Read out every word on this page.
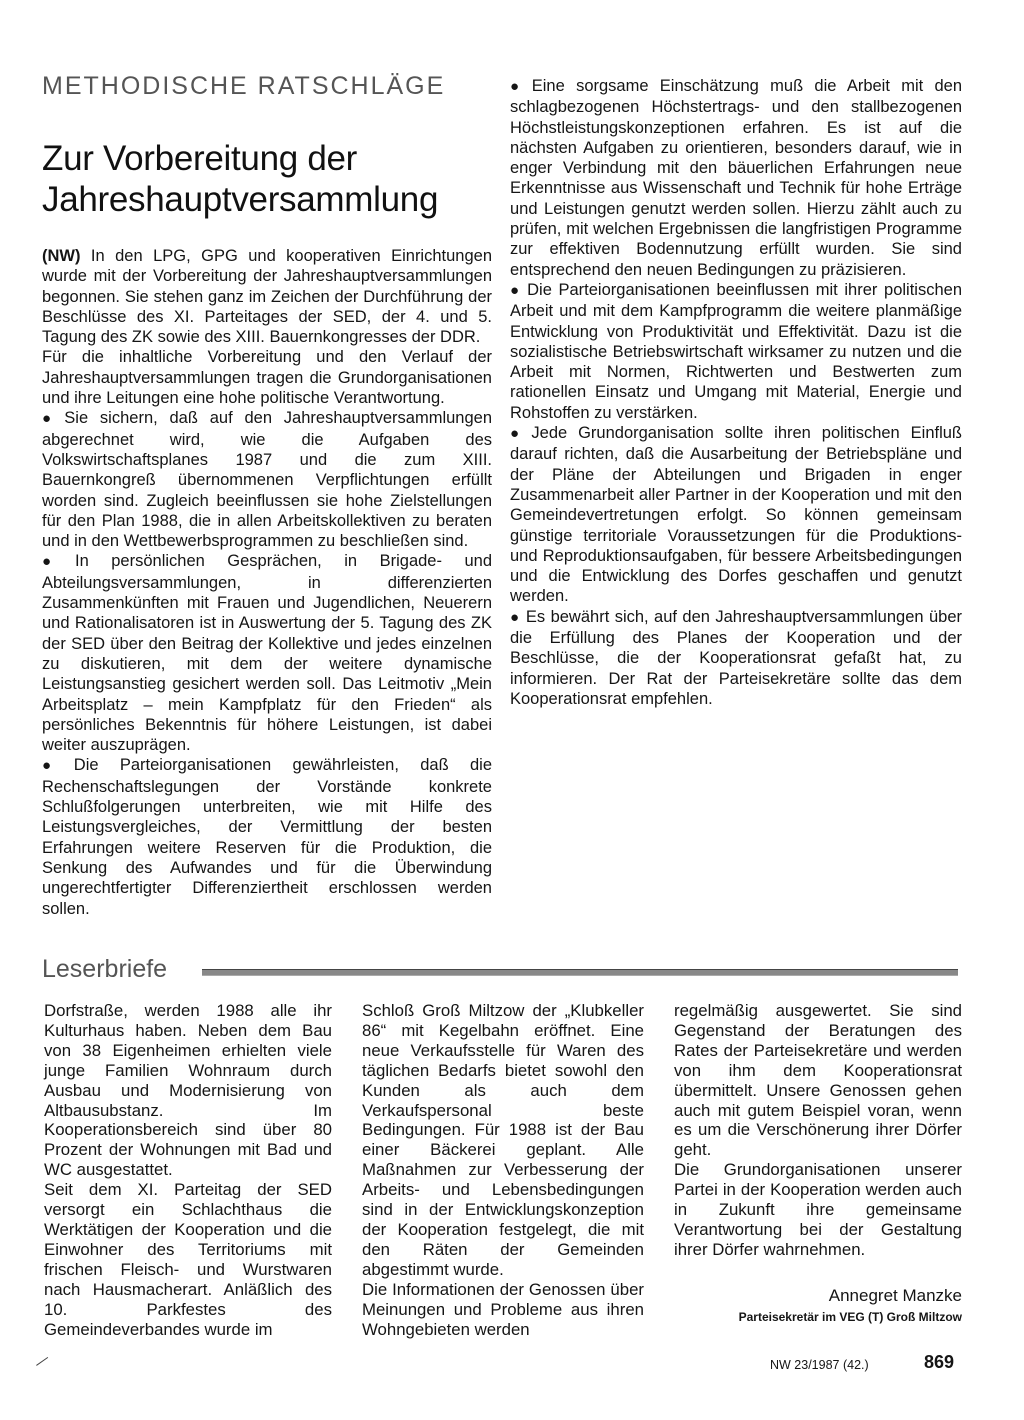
METHODISCHE RATSCHLÄGE
Zur Vorbereitung der
Jahreshauptversammlung

(NW) In den LPG, GPG und kooperativen Einrichtungen wurde mit der Vorbereitung der Jahreshauptversammlungen begonnen. Sie stehen ganz im Zeichen der Durchführung der Beschlüsse des XI. Parteitages der SED, der 4. und 5. Tagung des ZK sowie des XIII. Bauernkongresses der DDR.

Für die inhaltliche Vorbereitung und den Verlauf der Jahreshauptversammlungen tragen die Grundorganisationen und ihre Leitungen eine hohe politische Verantwortung.

● Sie sichern, daß auf den Jahreshauptversammlungen abgerechnet wird, wie die Aufgaben des Volkswirtschaftsplanes 1987 und die zum XIII. Bauernkongreß übernommenen Verpflichtungen erfüllt worden sind. Zugleich beeinflussen sie hohe Zielstellungen für den Plan 1988, die in allen Arbeitskollektiven zu beraten und in den Wettbewerbsprogrammen zu beschließen sind.

● In persönlichen Gesprächen, in Brigade- und Abteilungsversammlungen, in differenzierten Zusammenkünften mit Frauen und Jugendlichen, Neuerern und Rationalisatoren ist in Auswertung der 5. Tagung des ZK der SED über den Beitrag der Kollektive und jedes einzelnen zu diskutieren, mit dem der weitere dynamische Leistungsanstieg gesichert werden soll. Das Leitmotiv „Mein Arbeitsplatz – mein Kampfplatz für den Frieden“ als persönliches Bekenntnis für höhere Leistungen, ist dabei weiter auszuprägen.

● Die Parteiorganisationen gewährleisten, daß die Rechenschaftslegungen der Vorstände konkrete Schlußfolgerungen unterbreiten, wie mit Hilfe des Leistungsvergleiches, der Vermittlung der besten Erfahrungen weitere Reserven für die Produktion, die Senkung des Aufwandes und für die Überwindung ungerechtfertigter Differenziertheit erschlossen werden sollen.

● Eine sorgsame Einschätzung muß die Arbeit mit den schlagbezogenen Höchstertrags- und den stallbezogenen Höchstleistungskonzeptionen erfahren. Es ist auf die nächsten Aufgaben zu orientieren, besonders darauf, wie in enger Verbindung mit den bäuerlichen Erfahrungen neue Erkenntnisse aus Wissenschaft und Technik für hohe Erträge und Leistungen genutzt werden sollen. Hierzu zählt auch zu prüfen, mit welchen Ergebnissen die langfristigen Programme zur effektiven Bodennutzung erfüllt wurden. Sie sind entsprechend den neuen Bedingungen zu präzisieren.

● Die Parteiorganisationen beeinflussen mit ihrer politischen Arbeit und mit dem Kampfprogramm die weitere planmäßige Entwicklung von Produktivität und Effektivität. Dazu ist die sozialistische Betriebswirtschaft wirksamer zu nutzen und die Arbeit mit Normen, Richtwerten und Bestwerten zum rationellen Einsatz und Umgang mit Material, Energie und Rohstoffen zu verstärken.

● Jede Grundorganisation sollte ihren politischen Einfluß darauf richten, daß die Ausarbeitung der Betriebspläne und der Pläne der Abteilungen und Brigaden in enger Zusammenarbeit aller Partner in der Kooperation und mit den Gemeindevertretungen erfolgt. So können gemeinsam günstige territoriale Voraussetzungen für die Produktions- und Reproduktionsaufgaben, für bessere Arbeitsbedingungen und die Entwicklung des Dorfes geschaffen und genutzt werden.

● Es bewährt sich, auf den Jahreshauptversammlungen über die Erfüllung des Planes der Kooperation und der Beschlüsse, die der Kooperationsrat gefaßt hat, zu informieren. Der Rat der Parteisekretäre sollte das dem Kooperationsrat empfehlen.

Leserbriefe

Dorfstraße, werden 1988 alle ihr Kulturhaus haben. Neben dem Bau von 38 Eigenheimen erhielten viele junge Familien Wohnraum durch Ausbau und Modernisierung von Altbausubstanz. Im Kooperationsbereich sind über 80 Prozent der Wohnungen mit Bad und WC ausgestattet.

Seit dem XI. Parteitag der SED versorgt ein Schlachthaus die Werktätigen der Kooperation und die Einwohner des Territoriums mit frischen Fleisch- und Wurstwaren nach Hausmacherart. Anläßlich des 10. Parkfestes des Gemeindeverbandes wurde im

Schloß Groß Miltzow der „Klubkeller 86“ mit Kegelbahn eröffnet. Eine neue Verkaufsstelle für Waren des täglichen Bedarfs bietet sowohl den Kunden als auch dem Verkaufspersonal beste Bedingungen. Für 1988 ist der Bau einer Bäckerei geplant. Alle Maßnahmen zur Verbesserung der Arbeits- und Lebensbedingungen sind in der Entwicklungskonzeption der Kooperation festgelegt, die mit den Räten der Gemeinden abgestimmt wurde.

Die Informationen der Genossen über Meinungen und Probleme aus ihren Wohngebieten werden

regelmäßig ausgewertet. Sie sind Gegenstand der Beratungen des Rates der Parteisekretäre und werden von ihm dem Kooperationsrat übermittelt. Unsere Genossen gehen auch mit gutem Beispiel voran, wenn es um die Verschönerung ihrer Dörfer geht.

Die Grundorganisationen unserer Partei in der Kooperation werden auch in Zukunft ihre gemeinsame Verantwortung bei der Gestaltung ihrer Dörfer wahrnehmen.

Annegret Manzke
Parteisekretär im VEG (T) Groß Miltzow
NW 23/1987 (42.)	869
